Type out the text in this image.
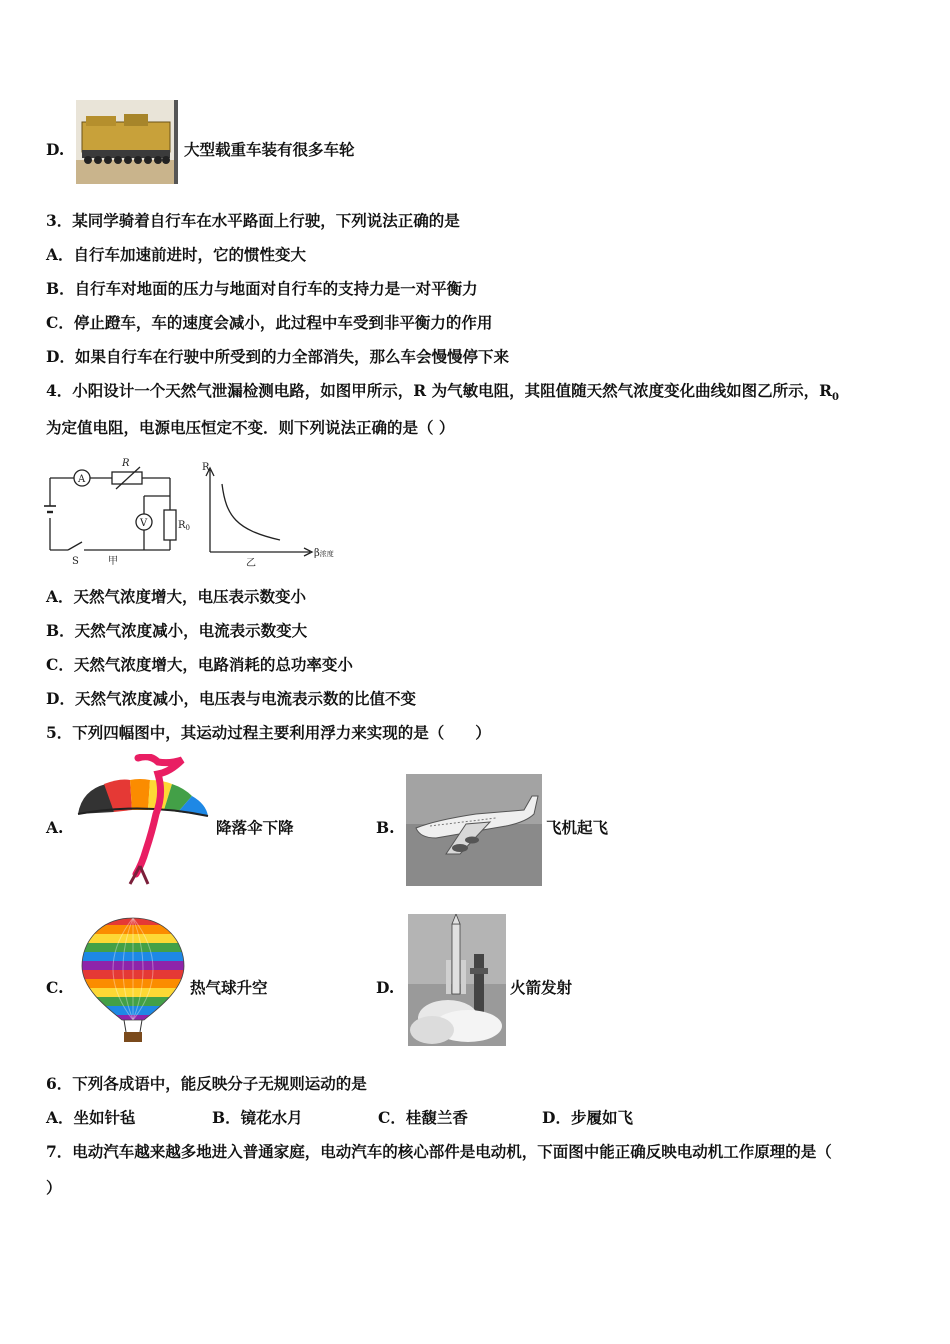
D.	大型载重车装有很多车轮
3．某同学骑着自行车在水平路面上行驶，下列说法正确的是
A．自行车加速前进时，它的惯性变大
B．自行车对地面的压力与地面对自行车的支持力是一对平衡力
C．停止蹬车，车的速度会减小，此过程中车受到非平衡力的作用
D．如果自行车在行驶中所受到的力全部消失，那么车会慢慢停下来
4．小阳设计一个天然气泄漏检测电路，如图甲所示，R 为气敏电阻，其阻值随天然气浓度变化曲线如图乙所示，$R_0$
为定值电阻，电源电压恒定不变．则下列说法正确的是（ ）
A
V
R
$R_0$
S	甲
R
β浓度
乙
A．天然气浓度增大，电压表示数变小
B．天然气浓度减小，电流表示数变大
C．天然气浓度增大，电路消耗的总功率变小
D．天然气浓度减小，电压表与电流表示数的比值不变
5．下列四幅图中，其运动过程主要利用浮力来实现的是（　　）
A.	降落伞下降	B.	飞机起飞
C.	热气球升空	D.	火箭发射
6．下列各成语中，能反映分子无规则运动的是
A．坐如针毡	B．镜花水月	C．桂馥兰香	D．步履如飞
7．电动汽车越来越多地进入普通家庭，电动汽车的核心部件是电动机，下面图中能正确反映电动机工作原理的是（
）
